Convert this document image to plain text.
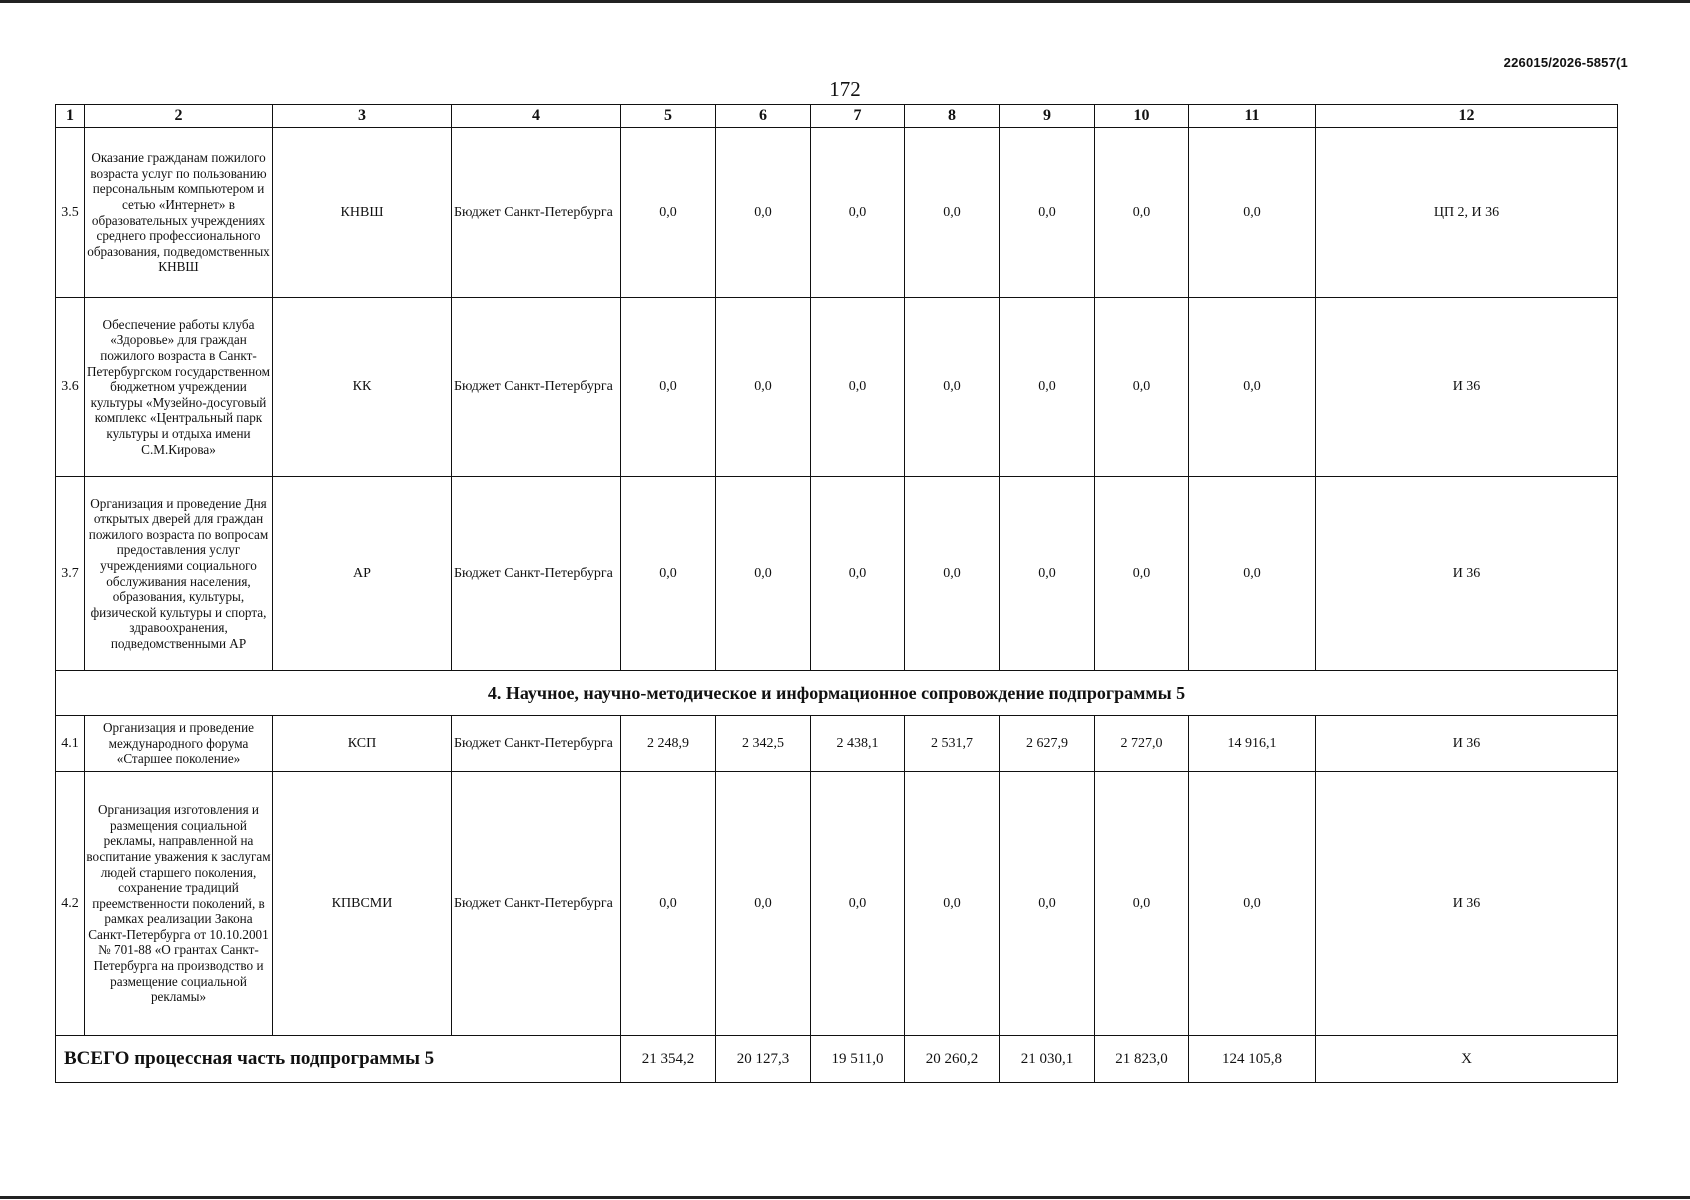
226015/2026-5857(1
172
1	2	3	4	5	6	7	8	9	10	11	12
3.5	Оказание гражданам пожилого возраста услуг по пользованию персональным компьютером и сетью «Интернет» в образовательных учреждениях среднего профессионального образования, подведомственных КНВШ	КНВШ	Бюджет Санкт-Петербурга	0,0	0,0	0,0	0,0	0,0	0,0	0,0	ЦП 2, И 36
3.6	Обеспечение работы клуба «Здоровье» для граждан пожилого возраста в Санкт-Петербургском государственном бюджетном учреждении культуры «Музейно-досуговый комплекс «Центральный парк культуры и отдыха имени С.М.Кирова»	КК	Бюджет Санкт-Петербурга	0,0	0,0	0,0	0,0	0,0	0,0	0,0	И 36
3.7	Организация и проведение Дня открытых дверей для граждан пожилого возраста по вопросам предоставления услуг учреждениями социального обслуживания населения, образования, культуры, физической культуры и спорта, здравоохранения, подведомственными АР	АР	Бюджет Санкт-Петербурга	0,0	0,0	0,0	0,0	0,0	0,0	0,0	И 36
4. Научное, научно-методическое и информационное сопровождение подпрограммы 5											
4.1	Организация и проведение международного форума «Старшее поколение»	КСП	Бюджет Санкт-Петербурга	2 248,9	2 342,5	2 438,1	2 531,7	2 627,9	2 727,0	14 916,1	И 36
4.2	Организация изготовления и размещения социальной рекламы, направленной на воспитание уважения к заслугам людей старшего поколения, сохранение традиций преемственности поколений, в рамках реализации Закона Санкт-Петербурга от 10.10.2001 № 701-88 «О грантах Санкт-Петербурга на производство и размещение социальной рекламы»	КПВСМИ	Бюджет Санкт-Петербурга	0,0	0,0	0,0	0,0	0,0	0,0	0,0	И 36
ВСЕГО процессная часть подпрограммы 5				21 354,2	20 127,3	19 511,0	20 260,2	21 030,1	21 823,0	124 105,8	Х
